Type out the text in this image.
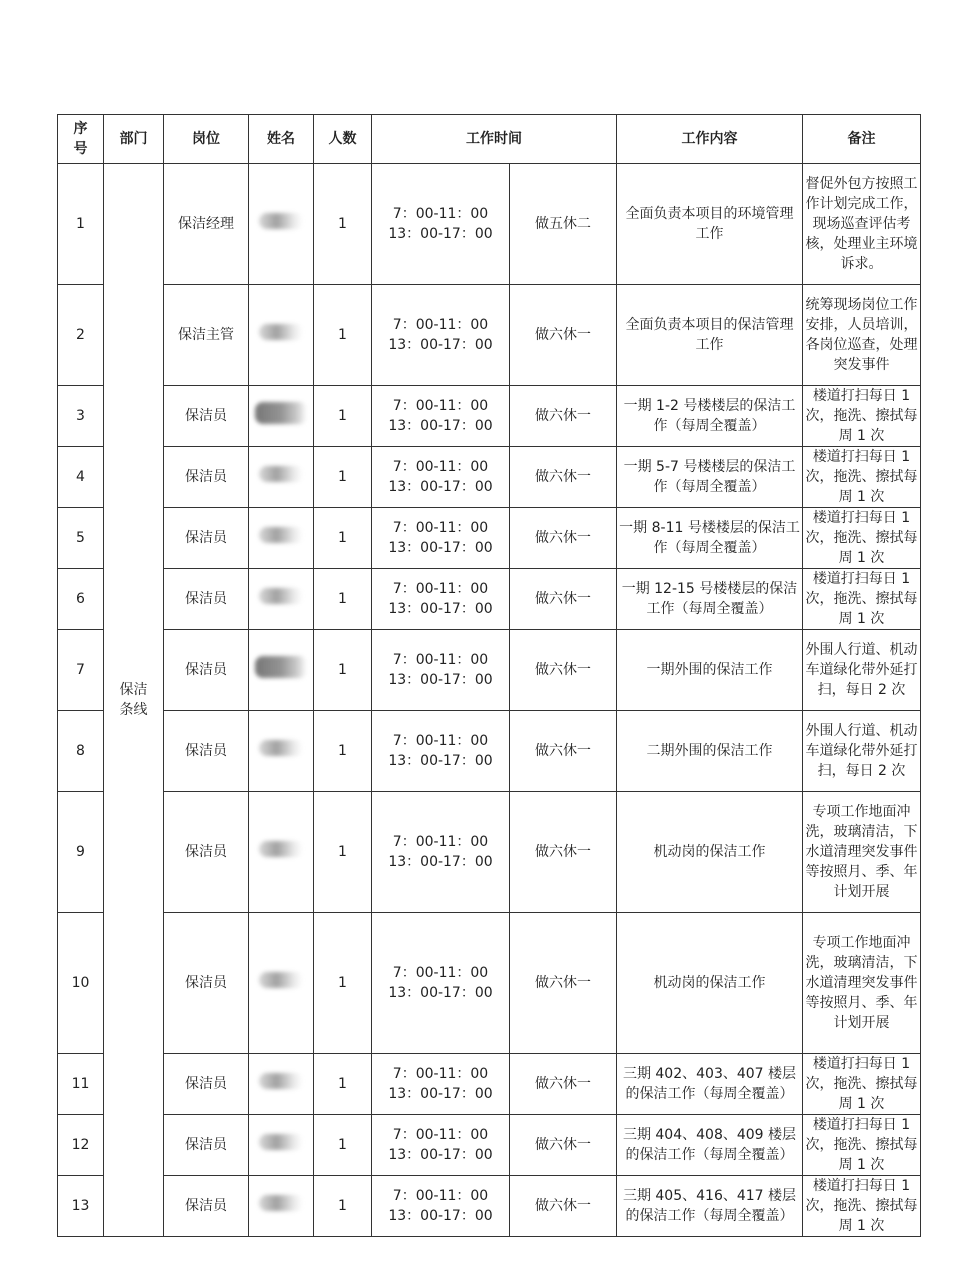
序号	部门	岗位	姓名	人数	工作时间		工作内容	备注
1	保洁条线	保洁经理		1	7：00-11：00
13：00-17：00	做五休二	全面负责本项目的环境管理工作	督促外包方按照工作计划完成工作，现场巡查评估考核，处理业主环境诉求。
2		保洁主管		1	7：00-11：00
13：00-17：00	做六休一	全面负责本项目的保洁管理工作	统筹现场岗位工作安排，人员培训，各岗位巡查，处理突发事件
3		保洁员		1	7：00-11：00
13：00-17：00	做六休一	一期 1-2 号楼楼层的保洁工作（每周全覆盖）	楼道打扫每日 1 次，拖洗、擦拭每周 1 次
4		保洁员		1	7：00-11：00
13：00-17：00	做六休一	一期 5-7 号楼楼层的保洁工作（每周全覆盖）	楼道打扫每日 1 次，拖洗、擦拭每周 1 次
5		保洁员		1	7：00-11：00
13：00-17：00	做六休一	一期 8-11 号楼楼层的保洁工作（每周全覆盖）	楼道打扫每日 1 次，拖洗、擦拭每周 1 次
6		保洁员		1	7：00-11：00
13：00-17：00	做六休一	一期 12-15 号楼楼层的保洁工作（每周全覆盖）	楼道打扫每日 1 次，拖洗、擦拭每周 1 次
7		保洁员		1	7：00-11：00
13：00-17：00	做六休一	一期外围的保洁工作	外围人行道、机动车道绿化带外延打扫，每日 2 次
8		保洁员		1	7：00-11：00
13：00-17：00	做六休一	二期外围的保洁工作	外围人行道、机动车道绿化带外延打扫，每日 2 次
9		保洁员		1	7：00-11：00
13：00-17：00	做六休一	机动岗的保洁工作	专项工作地面冲洗，玻璃清洁，下水道清理突发事件等按照月、季、年计划开展
10		保洁员		1	7：00-11：00
13：00-17：00	做六休一	机动岗的保洁工作	专项工作地面冲洗，玻璃清洁，下水道清理突发事件等按照月、季、年计划开展
11		保洁员		1	7：00-11：00
13：00-17：00	做六休一	三期 402、403、407 楼层的保洁工作（每周全覆盖）	楼道打扫每日 1 次，拖洗、擦拭每周 1 次
12		保洁员		1	7：00-11：00
13：00-17：00	做六休一	三期 404、408、409 楼层的保洁工作（每周全覆盖）	楼道打扫每日 1 次，拖洗、擦拭每周 1 次
13		保洁员		1	7：00-11：00
13：00-17：00	做六休一	三期 405、416、417 楼层的保洁工作（每周全覆盖）	楼道打扫每日 1 次，拖洗、擦拭每周 1 次
